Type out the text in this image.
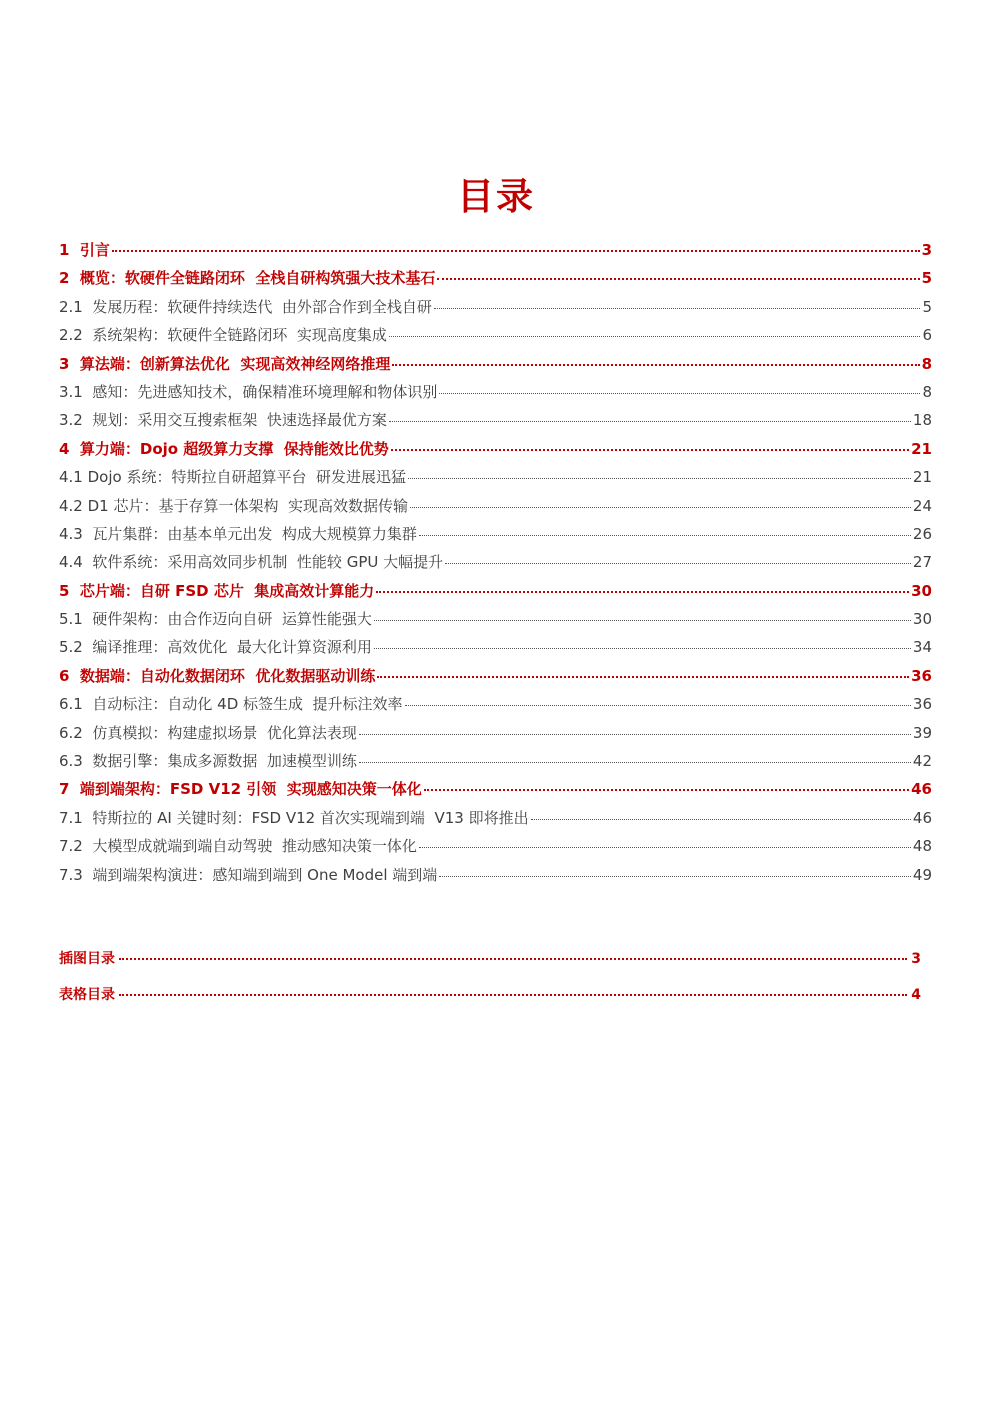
目录
1  引言	3
2  概览：软硬件全链路闭环  全栈自研构筑强大技术基石	5
2.1  发展历程：软硬件持续迭代  由外部合作到全栈自研	5
2.2  系统架构：软硬件全链路闭环  实现高度集成	6
3  算法端：创新算法优化  实现高效神经网络推理	8
3.1  感知：先进感知技术，确保精准环境理解和物体识别	8
3.2  规划：采用交互搜索框架  快速选择最优方案	18
4  算力端：Dojo 超级算力支撑  保持能效比优势	21
4.1 Dojo 系统：特斯拉自研超算平台  研发进展迅猛	21
4.2 D1 芯片：基于存算一体架构  实现高效数据传输	24
4.3  瓦片集群：由基本单元出发  构成大规模算力集群	26
4.4  软件系统：采用高效同步机制  性能较 GPU 大幅提升	27
5  芯片端：自研 FSD 芯片  集成高效计算能力	30
5.1  硬件架构：由合作迈向自研  运算性能强大	30
5.2  编译推理：高效优化  最大化计算资源利用	34
6  数据端：自动化数据闭环  优化数据驱动训练	36
6.1  自动标注：自动化 4D 标签生成  提升标注效率	36
6.2  仿真模拟：构建虚拟场景  优化算法表现	39
6.3  数据引擎：集成多源数据  加速模型训练	42
7  端到端架构：FSD V12 引领  实现感知决策一体化	46
7.1  特斯拉的 AI 关键时刻：FSD V12 首次实现端到端  V13 即将推出	46
7.2  大模型成就端到端自动驾驶  推动感知决策一体化	48
7.3  端到端架构演进：感知端到端到 One Model 端到端	49
插图目录	3
表格目录	4
